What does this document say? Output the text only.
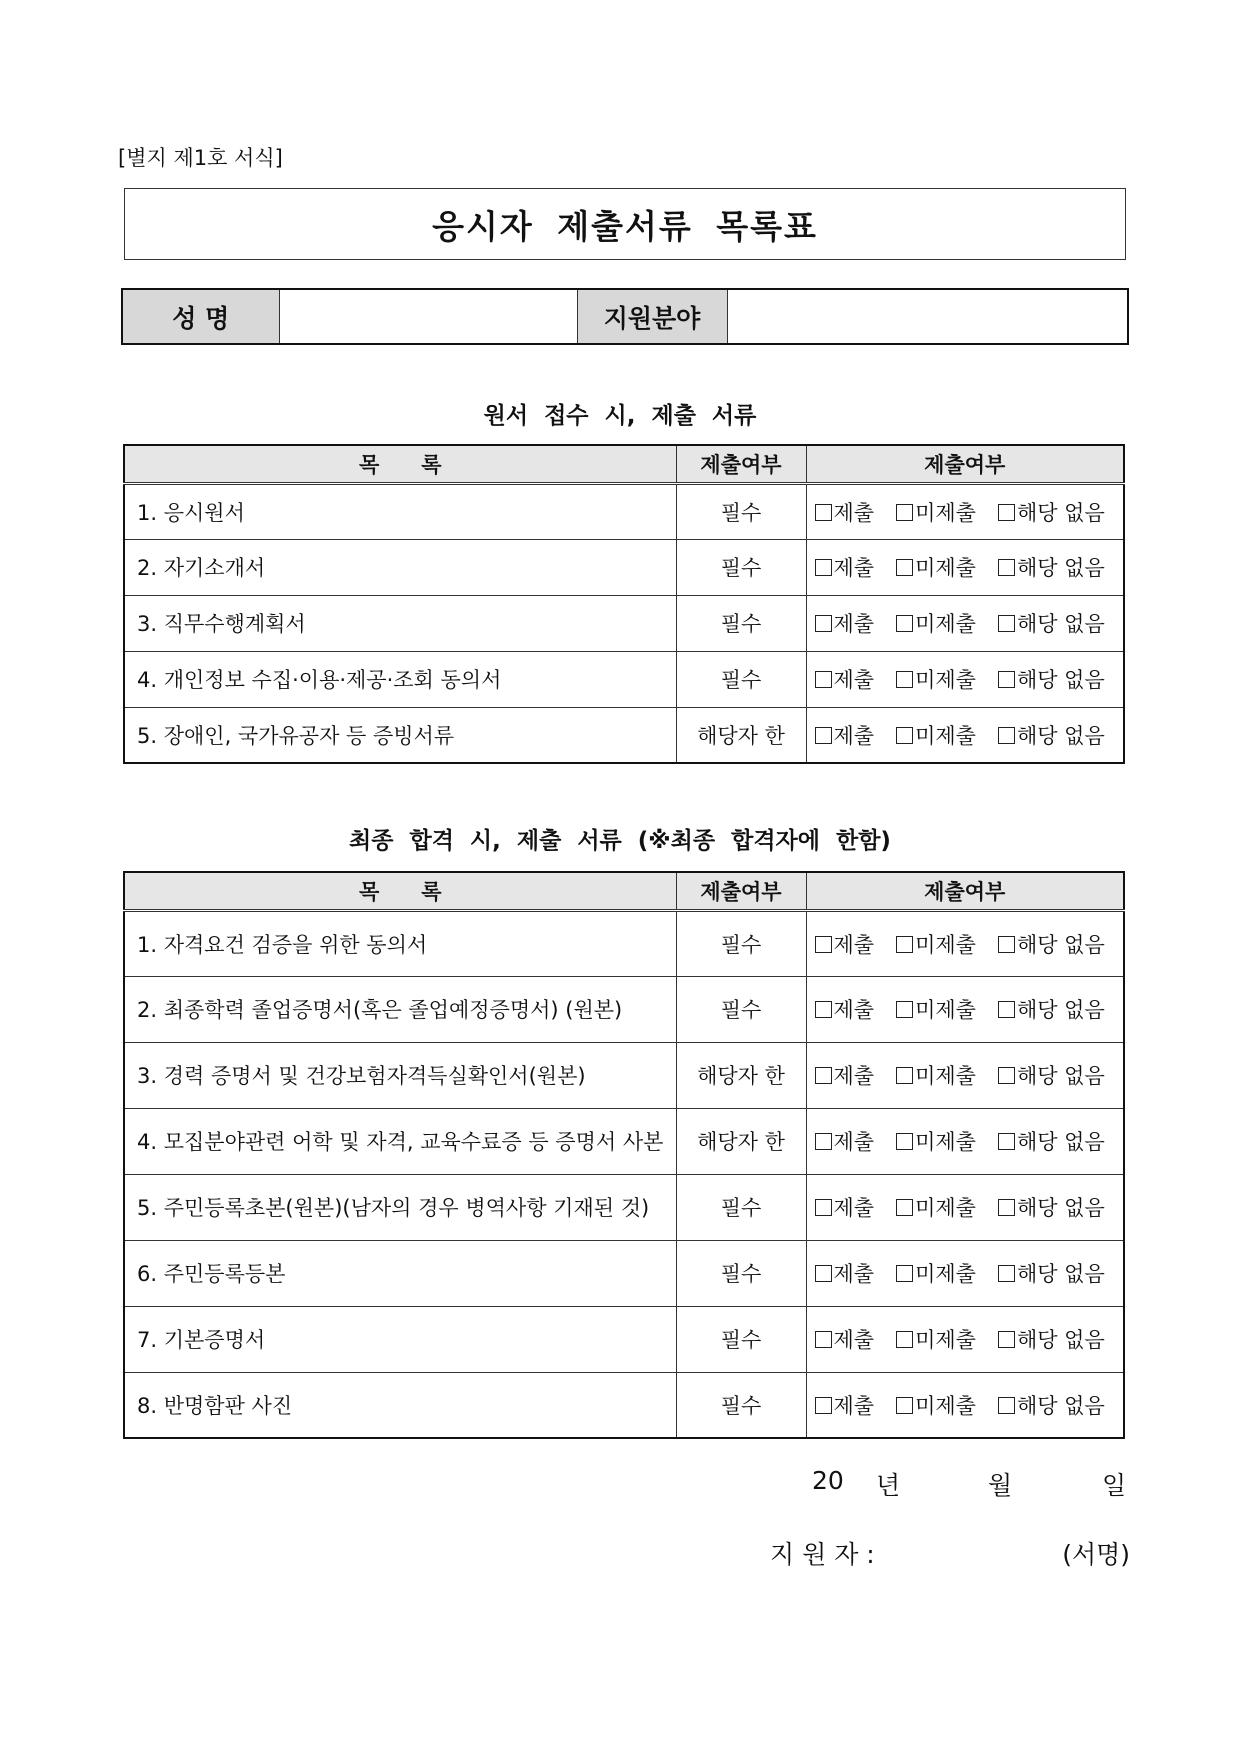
[별지 제1호 서식]
응시자 제출서류 목록표
성 명		지원분야	
원서 접수 시, 제출 서류
목　　록	제출여부	제출여부
1. 응시원서	필수	제출 미제출 해당 없음
2. 자기소개서	필수	제출 미제출 해당 없음
3. 직무수행계획서	필수	제출 미제출 해당 없음
4. 개인정보 수집·이용·제공·조회 동의서	필수	제출 미제출 해당 없음
5. 장애인, 국가유공자 등 증빙서류	해당자 한	제출 미제출 해당 없음
최종 합격 시, 제출 서류 (※최종 합격자에 한함)
목　　록	제출여부	제출여부
1. 자격요건 검증을 위한 동의서	필수	제출 미제출 해당 없음
2. 최종학력 졸업증명서(혹은 졸업예정증명서) (원본)	필수	제출 미제출 해당 없음
3. 경력 증명서 및 건강보험자격득실확인서(원본)	해당자 한	제출 미제출 해당 없음
4. 모집분야관련 어학 및 자격, 교육수료증 등 증명서 사본	해당자 한	제출 미제출 해당 없음
5. 주민등록초본(원본)(남자의 경우 병역사항 기재된 것)	필수	제출 미제출 해당 없음
6. 주민등록등본	필수	제출 미제출 해당 없음
7. 기본증명서	필수	제출 미제출 해당 없음
8. 반명함판 사진	필수	제출 미제출 해당 없음
20 년	월	일
지 원 자 :	(서명)
